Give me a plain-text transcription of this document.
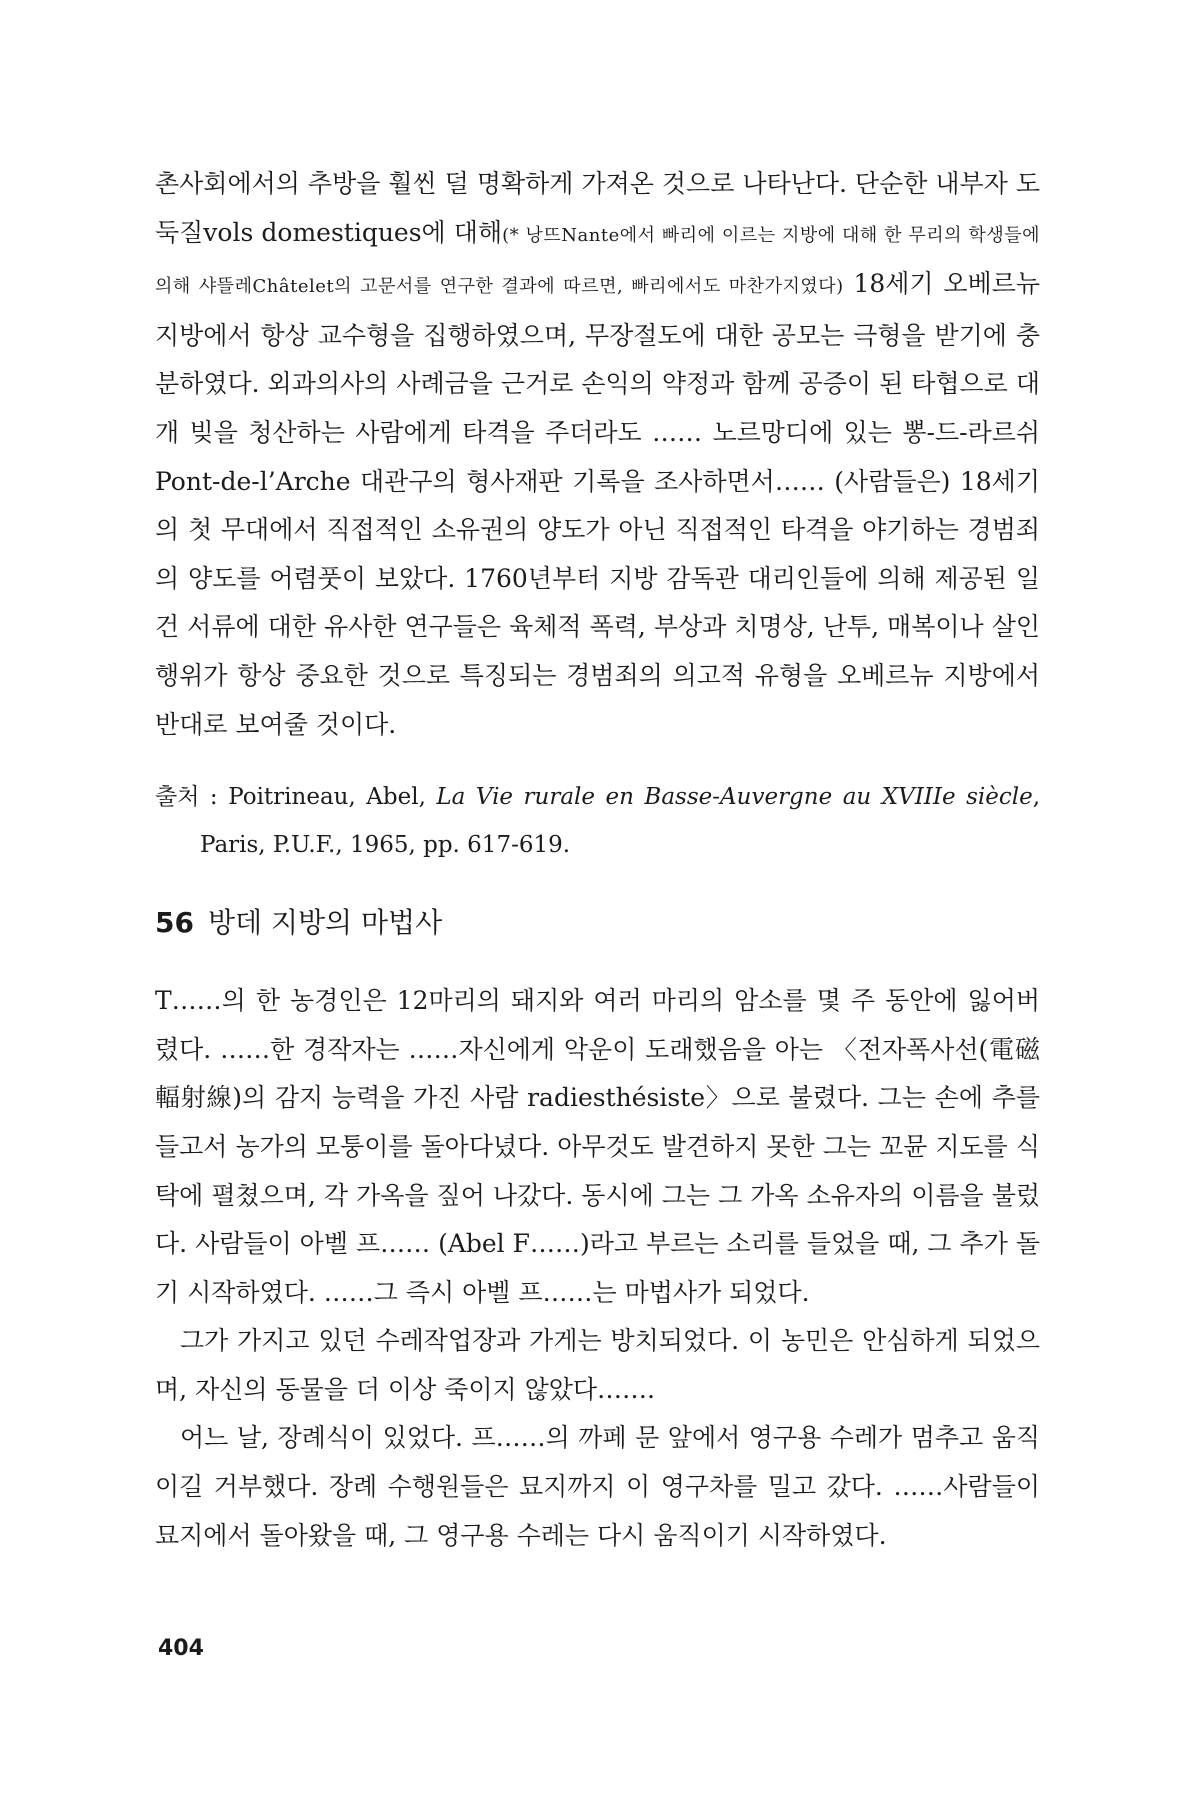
촌사회에서의 추방을 훨씬 덜 명확하게 가져온 것으로 나타난다. 단순한 내부자 도둑질vols domestiques에 대해(* 낭뜨Nante에서 빠리에 이르는 지방에 대해 한 무리의 학생들에 의해 샤뜰레Châtelet의 고문서를 연구한 결과에 따르면, 빠리에서도 마찬가지였다) 18세기 오베르뉴 지방에서 항상 교수형을 집행하였으며, 무장절도에 대한 공모는 극형을 받기에 충분하였다. 외과의사의 사례금을 근거로 손익의 약정과 함께 공증이 된 타협으로 대개 빚을 청산하는 사람에게 타격을 주더라도 …… 노르망디에 있는 뽕-드-라르쉬 Pont-de-l’Arche 대관구의 형사재판 기록을 조사하면서…… (사람들은) 18세기의 첫 무대에서 직접적인 소유권의 양도가 아닌 직접적인 타격을 야기하는 경범죄의 양도를 어렴풋이 보았다. 1760년부터 지방 감독관 대리인들에 의해 제공된 일건 서류에 대한 유사한 연구들은 육체적 폭력, 부상과 치명상, 난투, 매복이나 살인행위가 항상 중요한 것으로 특징되는 경범죄의 의고적 유형을 오베르뉴 지방에서 반대로 보여줄 것이다.

출처 : Poitrineau, Abel, La Vie rurale en Basse-Auvergne au XVIIIe siècle, Paris, P.U.F., 1965, pp. 617-619.

56 방데 지방의 마법사

T……의 한 농경인은 12마리의 돼지와 여러 마리의 암소를 몇 주 동안에 잃어버렸다. ……한 경작자는 ……자신에게 악운이 도래했음을 아는 〈전자폭사선(電磁輻射線)의 감지 능력을 가진 사람 radiesthésiste〉으로 불렸다. 그는 손에 추를 들고서 농가의 모퉁이를 돌아다녔다. 아무것도 발견하지 못한 그는 꼬뮨 지도를 식탁에 펼쳤으며, 각 가옥을 짚어 나갔다. 동시에 그는 그 가옥 소유자의 이름을 불렀다. 사람들이 아벨 프…… (Abel F……)라고 부르는 소리를 들었을 때, 그 추가 돌기 시작하였다. ……그 즉시 아벨 프……는 마법사가 되었다.

그가 가지고 있던 수레작업장과 가게는 방치되었다. 이 농민은 안심하게 되었으며, 자신의 동물을 더 이상 죽이지 않았다…….

어느 날, 장례식이 있었다. 프……의 까페 문 앞에서 영구용 수레가 멈추고 움직이길 거부했다. 장례 수행원들은 묘지까지 이 영구차를 밀고 갔다. ……사람들이 묘지에서 돌아왔을 때, 그 영구용 수레는 다시 움직이기 시작하였다.

404
